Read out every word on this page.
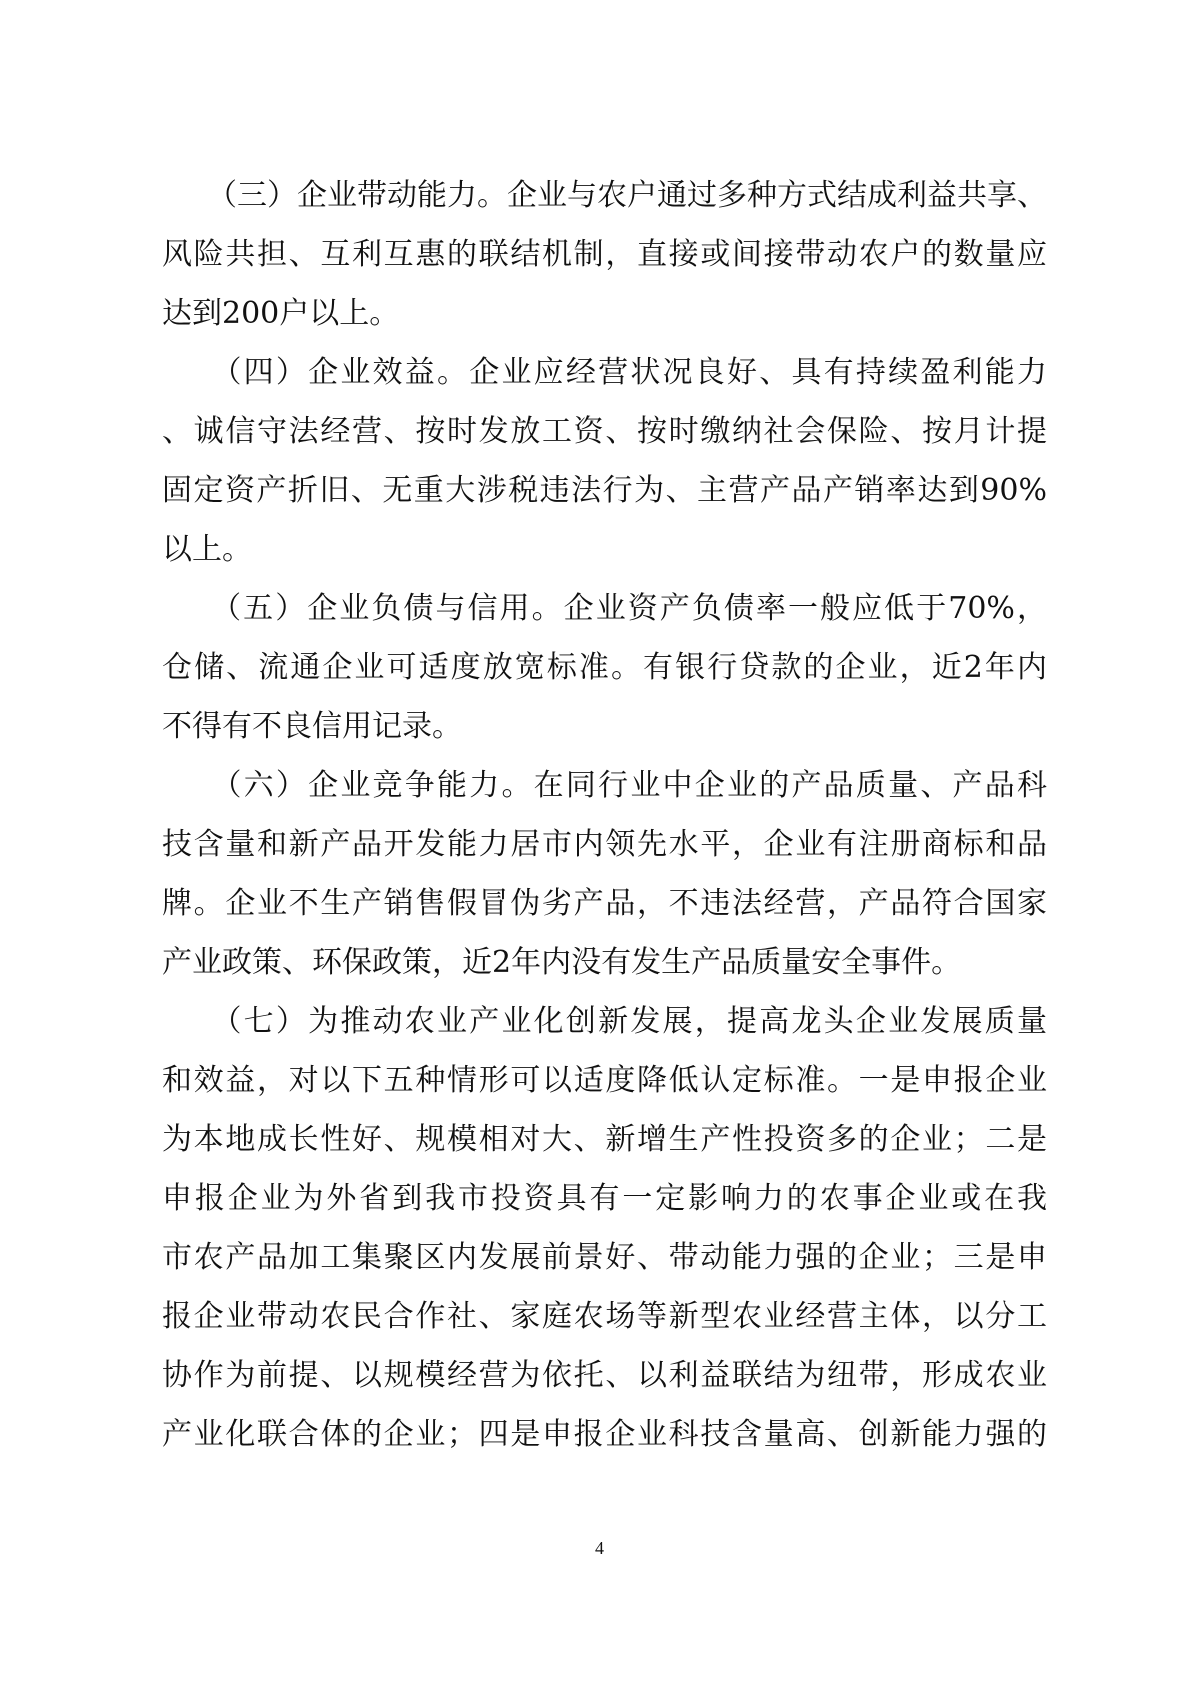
　　（三）企业带动能力。企业与农户通过多种方式结成利益共享、
风险共担、互利互惠的联结机制，直接或间接带动农户的数量应
达到200户以上。
　　（四）企业效益。企业应经营状况良好、具有持续盈利能力
、诚信守法经营、按时发放工资、按时缴纳社会保险、按月计提
固定资产折旧、无重大涉税违法行为、主营产品产销率达到90%
以上。
　　（五）企业负债与信用。企业资产负债率一般应低于70%，
仓储、流通企业可适度放宽标准。有银行贷款的企业，近2年内
不得有不良信用记录。
　　（六）企业竞争能力。在同行业中企业的产品质量、产品科
技含量和新产品开发能力居市内领先水平，企业有注册商标和品
牌。企业不生产销售假冒伪劣产品，不违法经营，产品符合国家
产业政策、环保政策，近2年内没有发生产品质量安全事件。
　　（七）为推动农业产业化创新发展，提高龙头企业发展质量
和效益，对以下五种情形可以适度降低认定标准。一是申报企业
为本地成长性好、规模相对大、新增生产性投资多的企业；二是
申报企业为外省到我市投资具有一定影响力的农事企业或在我
市农产品加工集聚区内发展前景好、带动能力强的企业；三是申
报企业带动农民合作社、家庭农场等新型农业经营主体，以分工
协作为前提、以规模经营为依托、以利益联结为纽带，形成农业
产业化联合体的企业；四是申报企业科技含量高、创新能力强的
4
